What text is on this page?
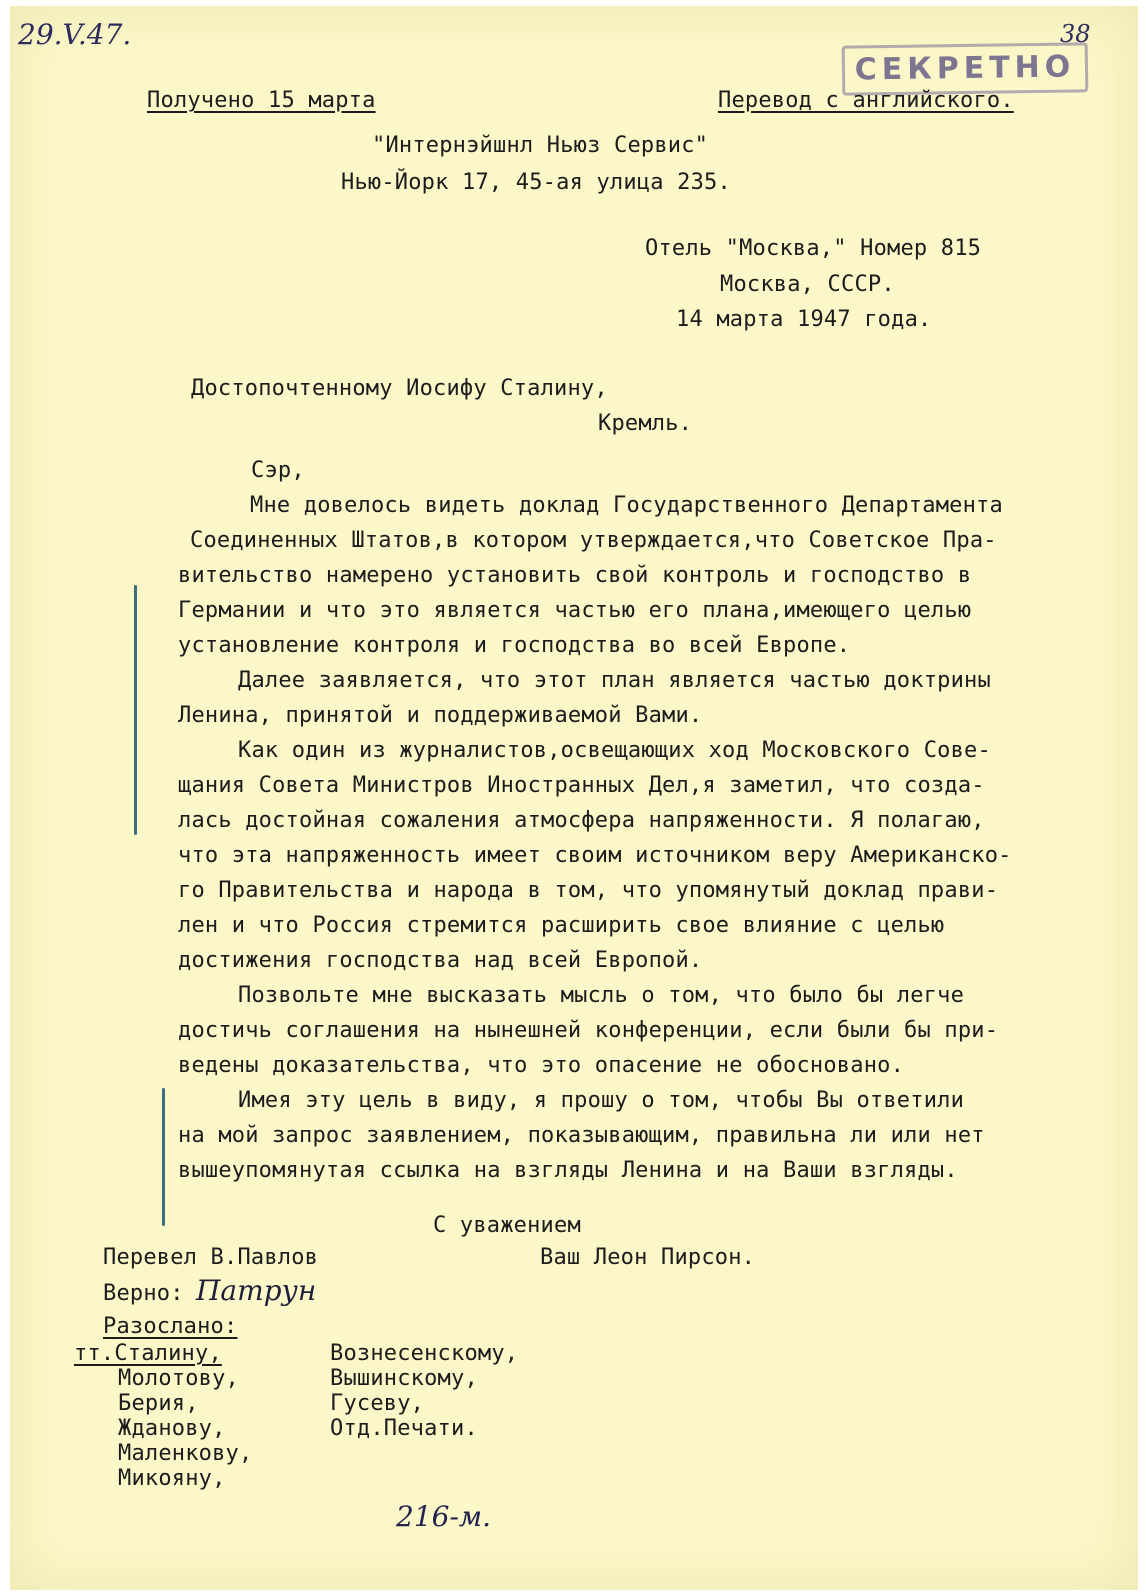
29.V.47.	38
СЕКРЕТНО
Получено 15 марта	Перевод с английского.
"Интернэйшнл Ньюз Сервис"
Нью-Йорк 17, 45-ая улица 235.
Отель "Москва," Номер 815
Москва, СССР.
14 марта 1947 года.
Достопочтенному Иосифу Сталину,
Кремль.
Сэр,
Мне довелось видеть доклад Государственного Департамента
Соединенных Штатов,в котором утверждается,что Советское Пра-
вительство намерено установить свой контроль и господство в
Германии и что это является частью его плана,имеющего целью
установление контроля и господства во всей Европе.
Далее заявляется, что этот план является частью доктрины
Ленина, принятой и поддерживаемой Вами.
Как один из журналистов,освещающих ход Московского Сове-
щания Совета Министров Иностранных Дел,я заметил, что созда-
лась достойная сожаления атмосфера напряженности. Я полагаю,
что эта напряженность имеет своим источником веру Американско-
го Правительства и народа в том, что упомянутый доклад прави-
лен и что Россия стремится расширить свое влияние с целью
достижения господства над всей Европой.
Позвольте мне высказать мысль о том, что было бы легче
достичь соглашения на нынешней конференции, если были бы при-
ведены доказательства, что это опасение не обосновано.
Имея эту цель в виду, я прошу о том, чтобы Вы ответили
на мой запрос заявлением, показывающим, правильна ли или нет
вышеупомянутая ссылка на взгляды Ленина и на Ваши взгляды.
С уважением
Ваш Леон Пирсон.
Перевел В.Павлов
Верно: Патрун
Разослано:
тт.Сталину,
Молотову,
Берия,
Жданову,
Маленкову,
Микояну,
Вознесенскому,
Вышинскому,
Гусеву,
Отд.Печати.
216-м.
